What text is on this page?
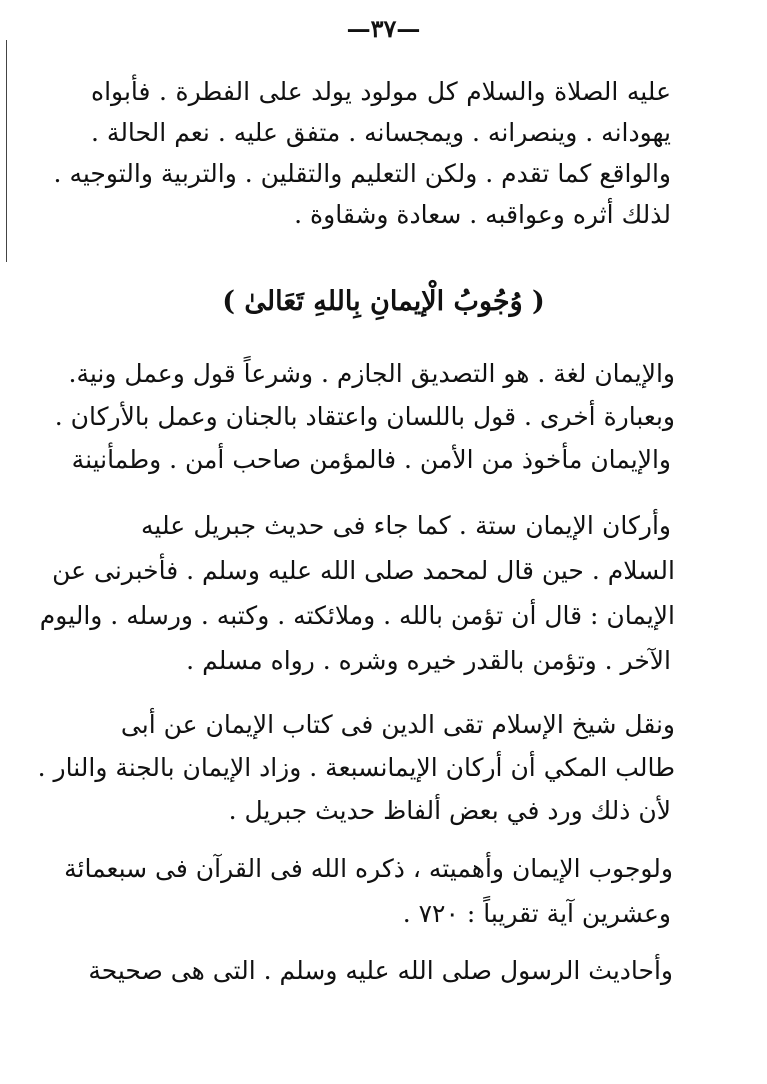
—٣٧—
عليه الصلاة والسلام كل مولود يولد على الفطرة . فأبواه
يهودانه . وينصرانه . ويمجسانه . متفق عليه . نعم الحالة .
والواقع كما تقدم . ولكن التعليم والتقلين . والتربية والتوجيه .
لذلك أثره وعواقبه . سعادة وشقاوة .
( وُجُوبُ الْإيمانِ بِاللهِ تَعَالىٰ )
والإيمان لغة . هو التصديق الجازم . وشرعاً قول وعمل ونية.
وبعبارة أخرى . قول باللسان واعتقاد بالجنان وعمل بالأركان .
والإيمان مأخوذ من الأمن . فالمؤمن صاحب أمن . وطمأنينة
وأركان الإيمان ستة . كما جاء فى حديث جبريل عليه
السلام . حين قال لمحمد صلى الله عليه وسلم . فأخبرنى عن
الإيمان : قال أن تؤمن بالله . وملائكته . وكتبه . ورسله . واليوم
الآخر . وتؤمن بالقدر خيره وشره . رواه مسلم .
ونقل شيخ الإسلام تقى الدين فى كتاب الإيمان عن أبى
طالب المكي أن أركان الإيمانسبعة . وزاد الإيمان بالجنة والنار .
لأن ذلك ورد في بعض ألفاظ حديث جبريل .
ولوجوب الإيمان وأهميته ، ذكره الله فى القرآن فى سبعمائة
وعشرين آية تقريباً : ٧٢٠ .
وأحاديث الرسول صلى الله عليه وسلم . التى هى صحيحة
